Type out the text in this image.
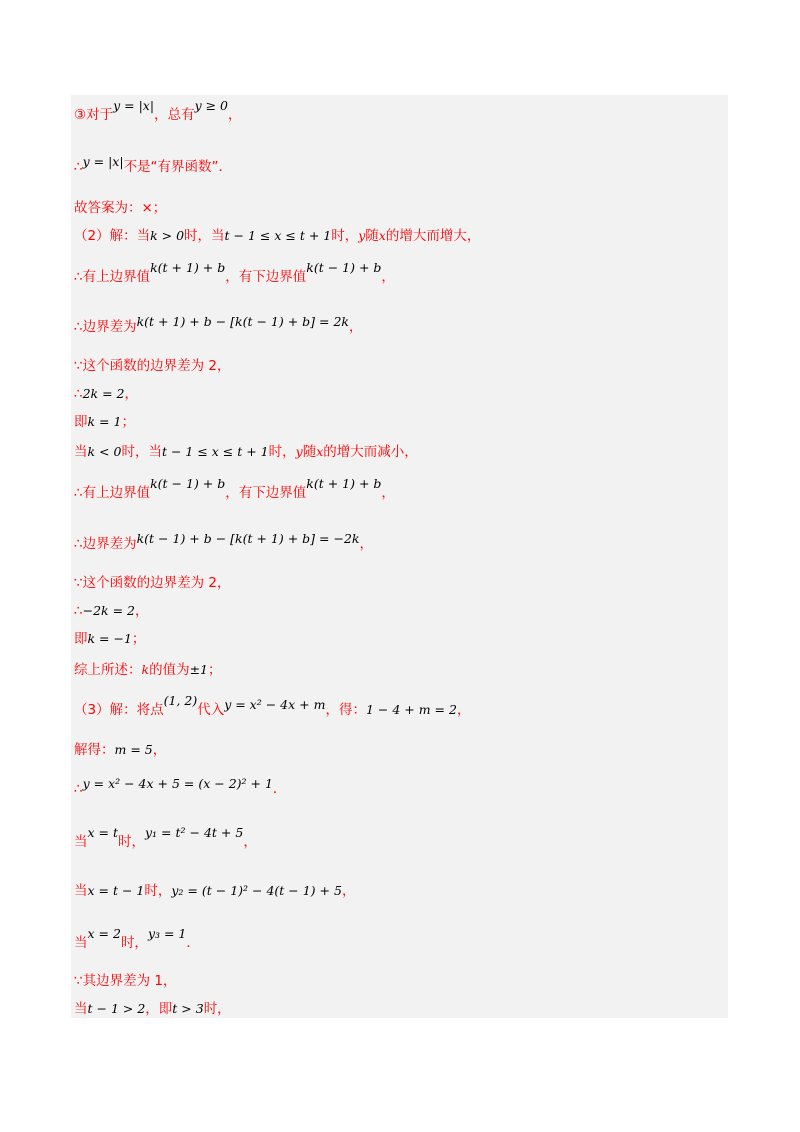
③对于y = |x|，总有y ≥ 0，
∴y = |x|不是“有界函数”．
故答案为：×；
（2）解：当k > 0时，当t − 1 ≤ x ≤ t + 1时，y随x的增大而增大，
∴有上边界值k(t + 1) + b，有下边界值k(t − 1) + b，
∴边界差为k(t + 1) + b − [k(t − 1) + b] = 2k，
∵这个函数的边界差为 2，
∴2k = 2，
即k = 1；
当k < 0时，当t − 1 ≤ x ≤ t + 1时，y随x的增大而减小，
∴有上边界值k(t − 1) + b，有下边界值k(t + 1) + b，
∴边界差为k(t − 1) + b − [k(t + 1) + b] = −2k，
∵这个函数的边界差为 2，
∴−2k = 2，
即k = −1；
综上所述：k的值为±1；
（3）解：将点(1, 2)代入y = x² − 4x + m，得：1 − 4 + m = 2，
解得：m = 5，
∴y = x² − 4x + 5 = (x − 2)² + 1．
当x = t时，y₁ = t² − 4t + 5，
当x = t − 1时，y₂ = (t − 1)² − 4(t − 1) + 5，
当x = 2时，y₃ = 1．
∵其边界差为 1，
当t − 1 > 2，即t > 3时，
